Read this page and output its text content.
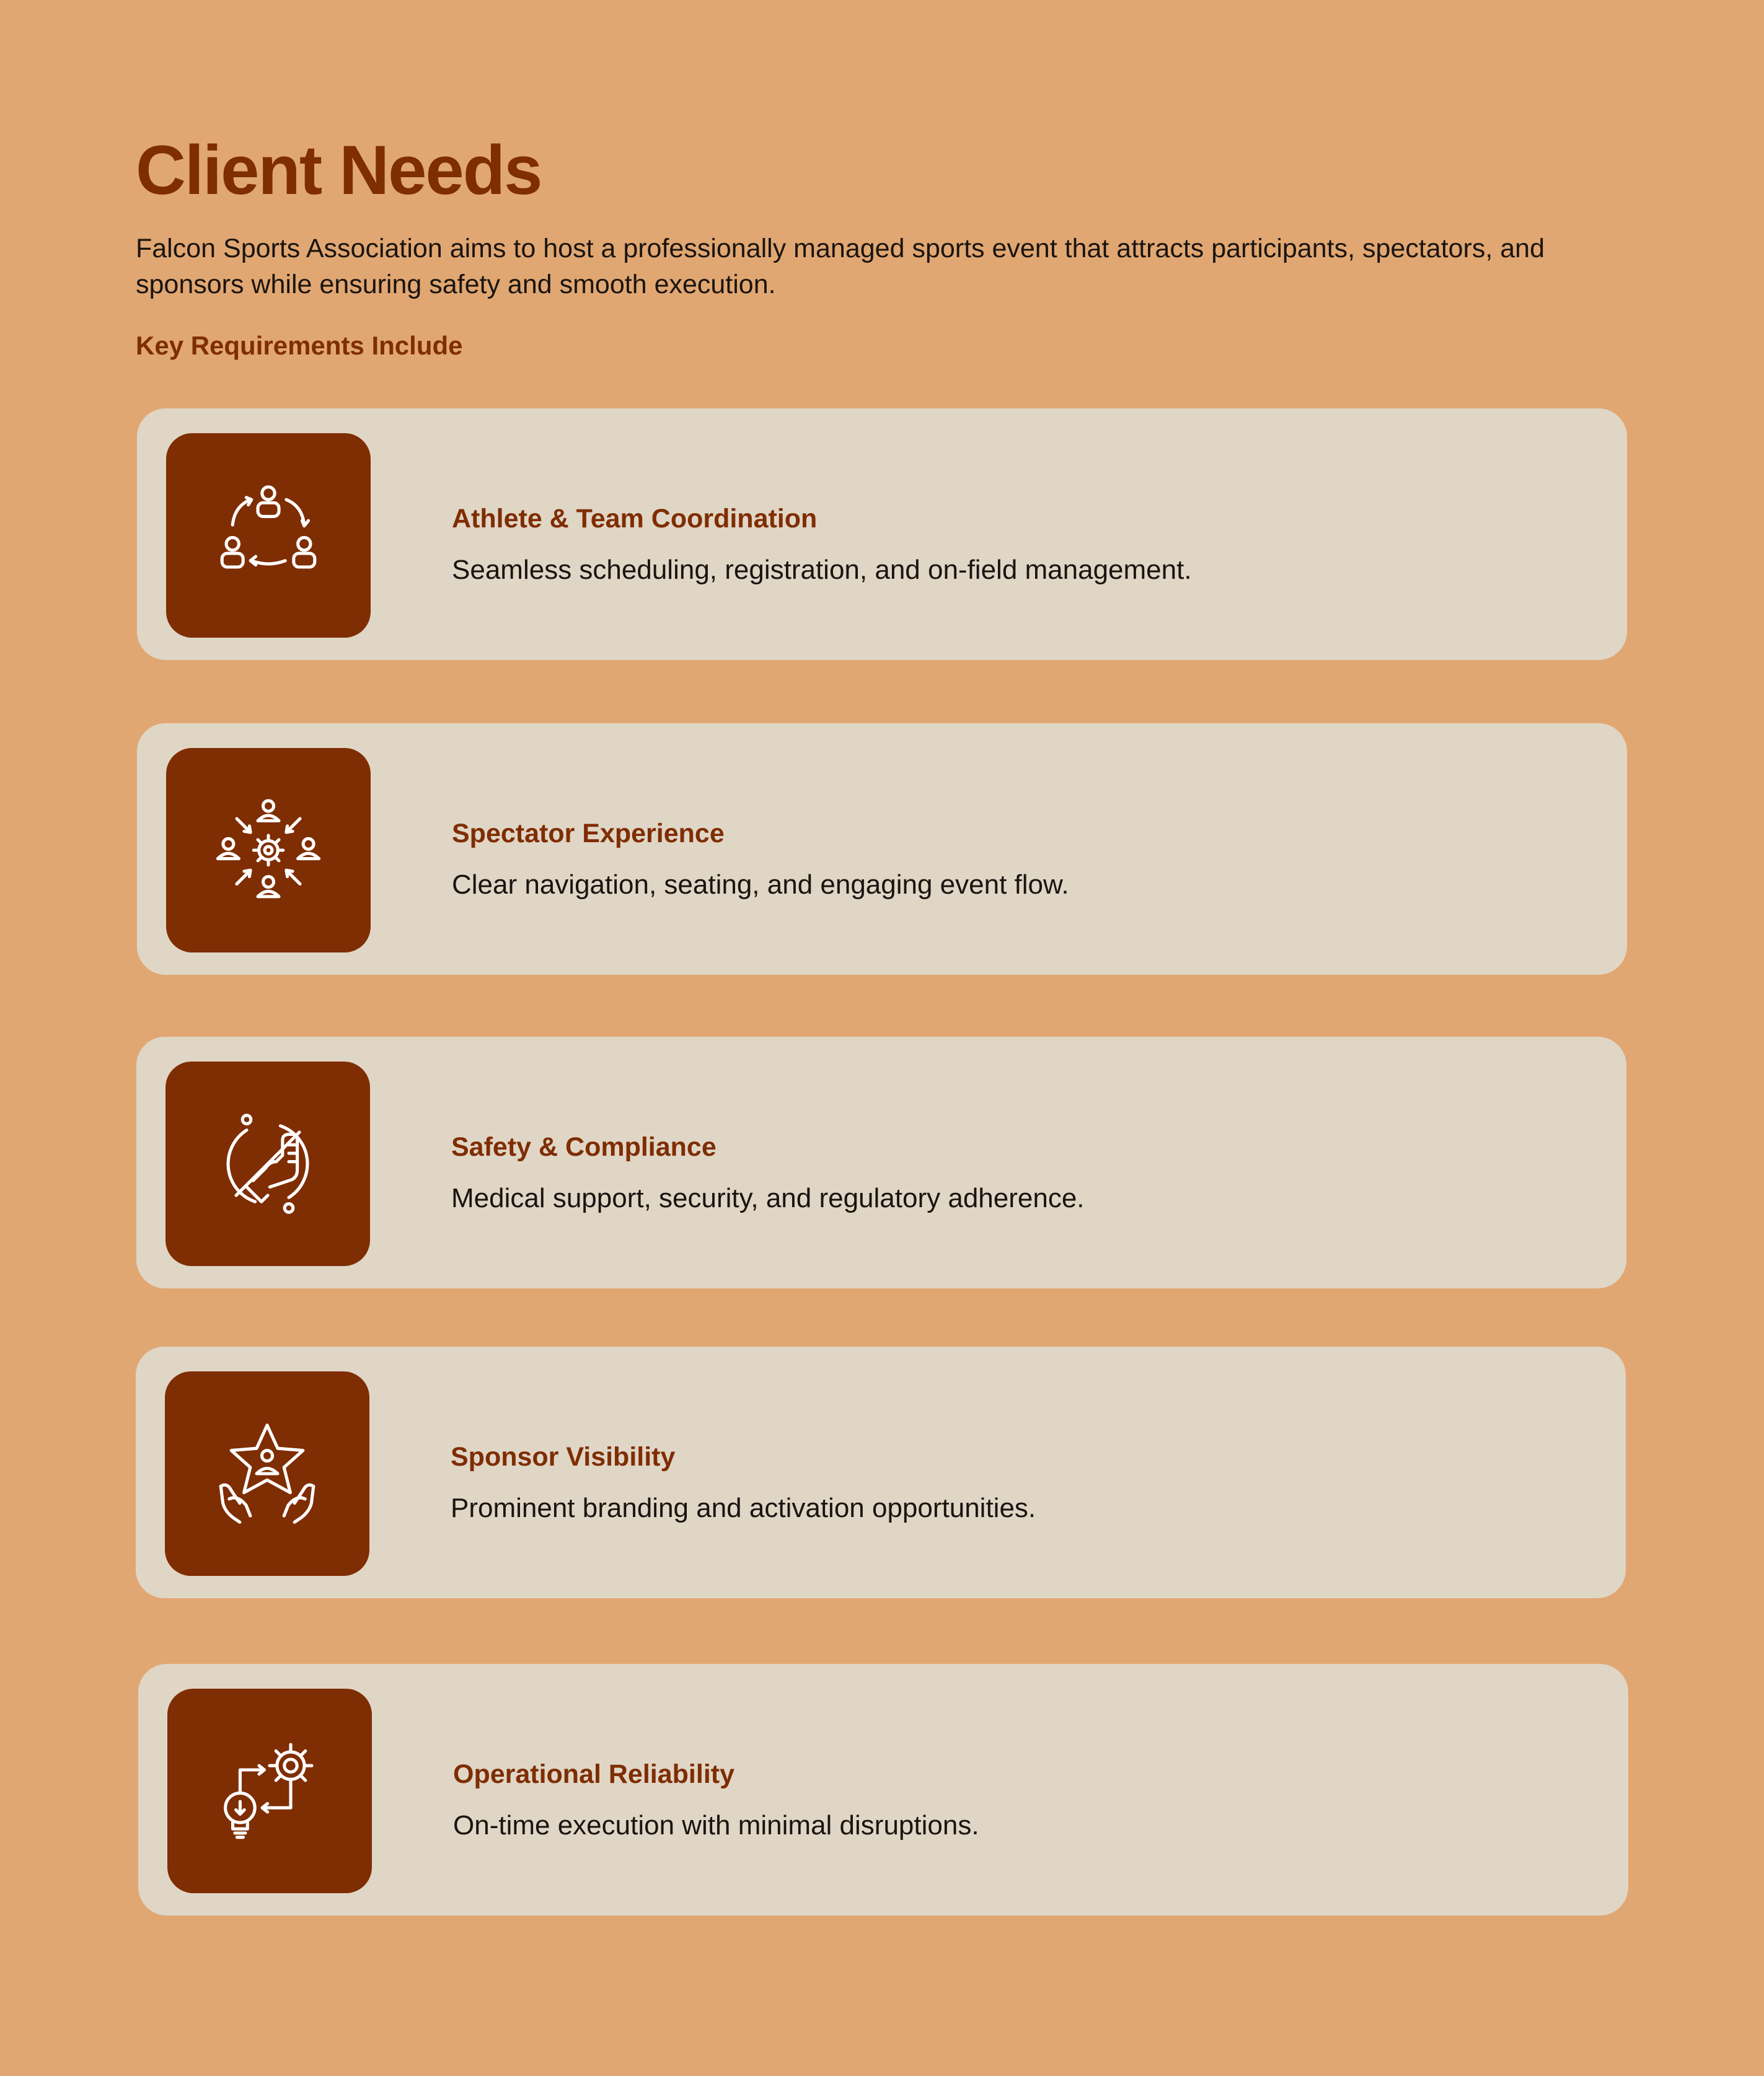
Client Needs

Falcon Sports Association aims to host a professionally managed sports event that attracts participants, spectators, and sponsors while ensuring safety and smooth execution.

Key Requirements Include
Athlete & Team Coordination
Seamless scheduling, registration, and on-field management.
Spectator Experience
Clear navigation, seating, and engaging event flow.
Safety & Compliance
Medical support, security, and regulatory adherence.
Sponsor Visibility
Prominent branding and activation opportunities.
Operational Reliability
On-time execution with minimal disruptions.
